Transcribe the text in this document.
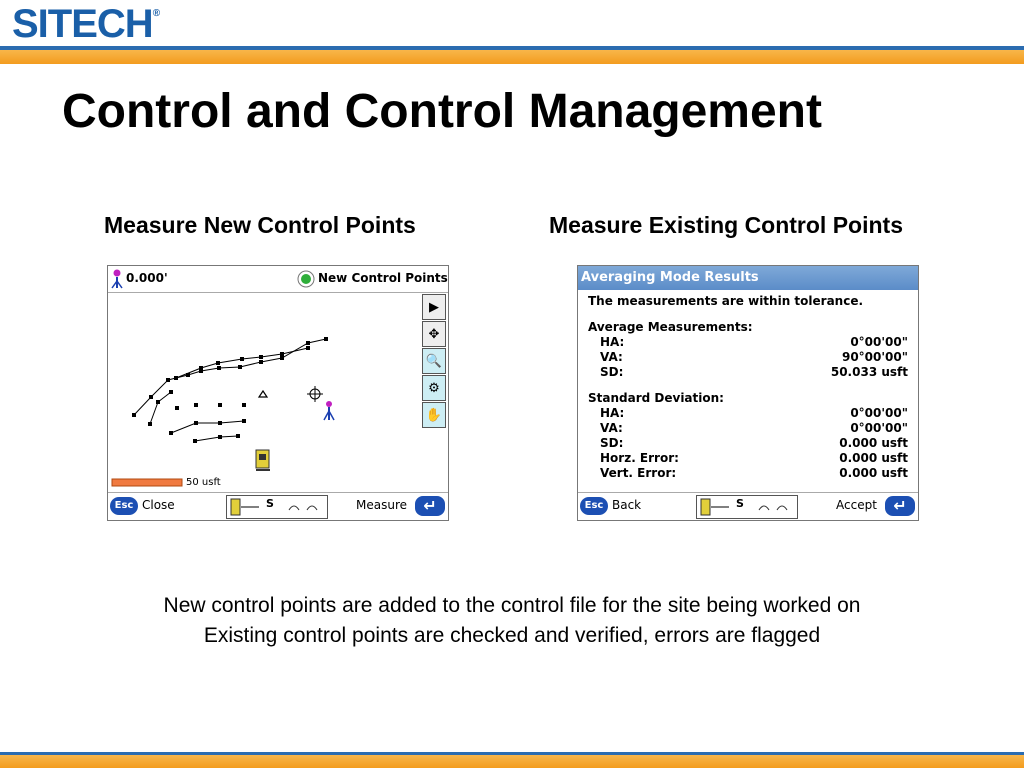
SITECH®
Control and Control Management
Measure New Control Points	Measure Existing Control Points
0.000'	New Control Points
50 usft
▶
✥
🔍
⚙
✋
Esc Close	S	Measure	↵
Averaging Mode Results
The measurements are within tolerance.
Average Measurements:
HA:	0°00'00"
VA:	90°00'00"
SD:	50.033 usft
Standard Deviation:
HA:	0°00'00"
VA:	0°00'00"
SD:	0.000 usft
Horz. Error:	0.000 usft
Vert. Error:	0.000 usft
Esc Back	S	Accept	↵
New control points are added to the control file for the site being worked on
Existing control points are checked and verified, errors are flagged
